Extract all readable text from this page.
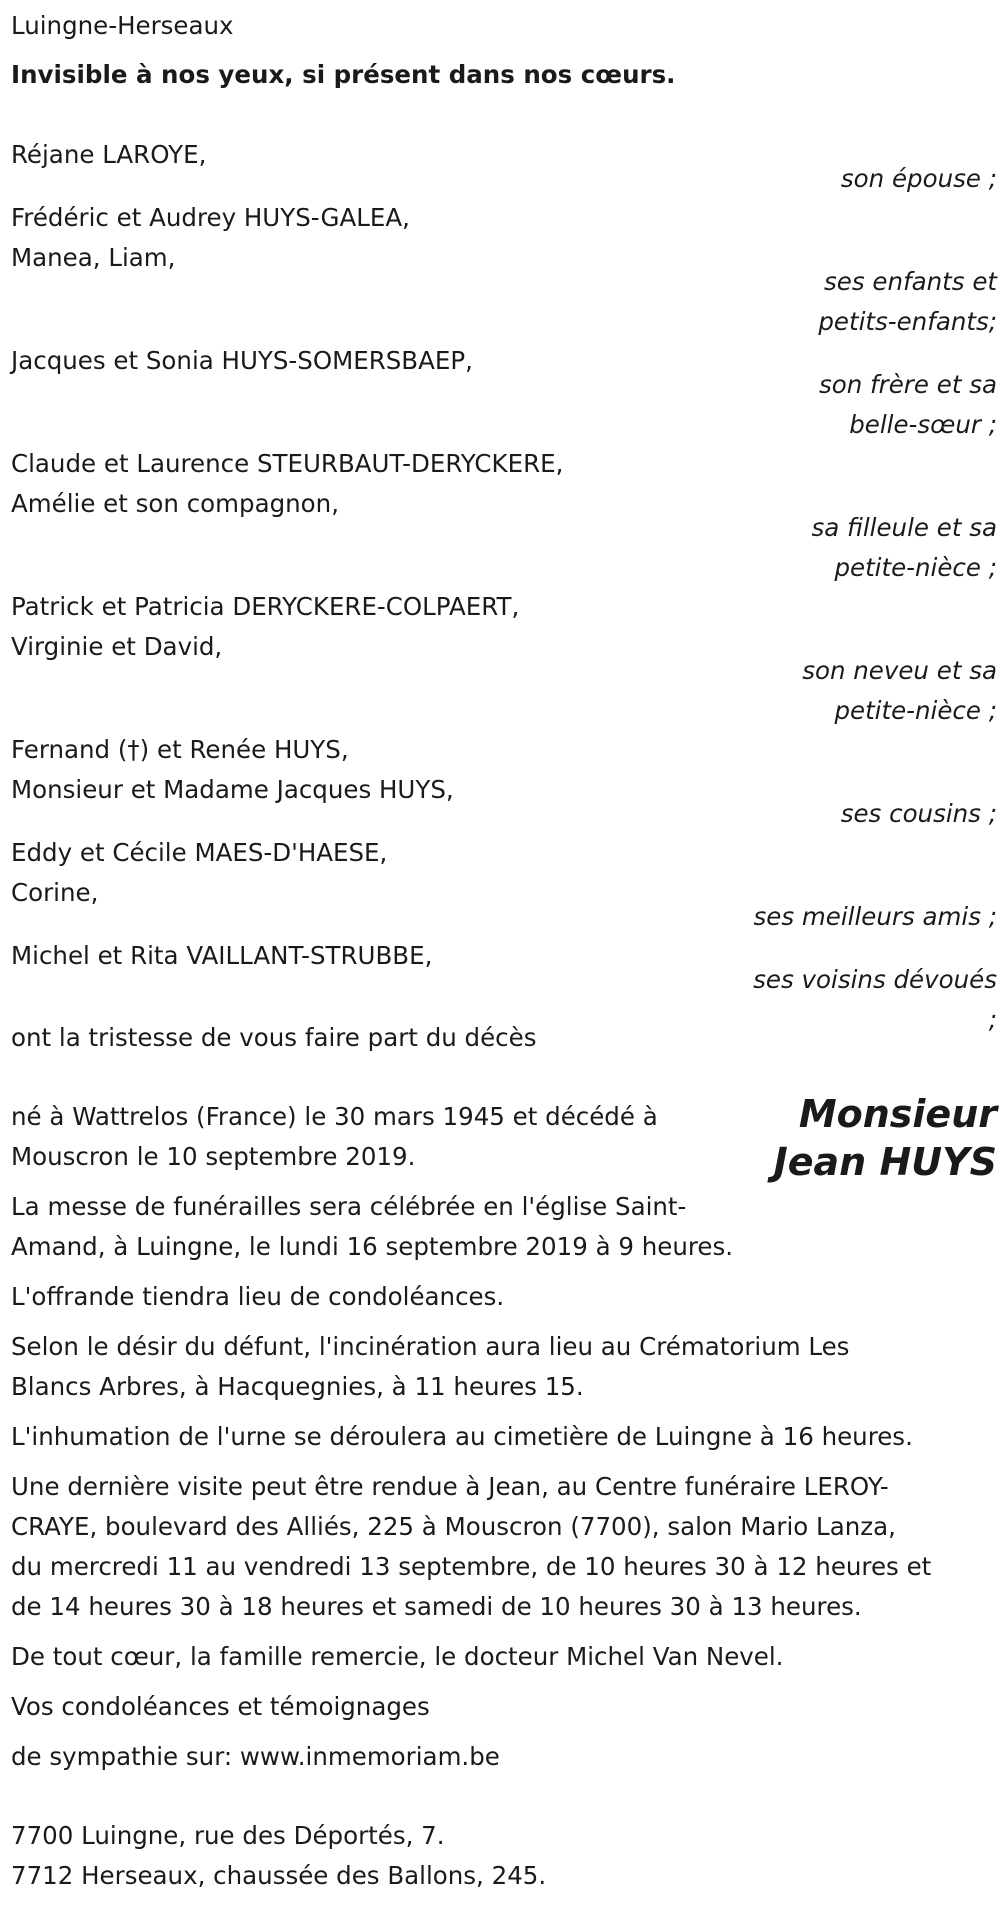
Luingne-Herseaux

Invisible à nos yeux, si présent dans nos cœurs.

Réjane LAROYE,

son épouse ;

Frédéric et Audrey HUYS-GALEA,

Manea, Liam,

ses enfants et

petits-enfants;

Jacques et Sonia HUYS-SOMERSBAEP,

son frère et sa

belle-sœur ;

Claude et Laurence STEURBAUT-DERYCKERE,

Amélie et son compagnon,

sa filleule et sa

petite-nièce ;

Patrick et Patricia DERYCKERE-COLPAERT,

Virginie et David,

son neveu et sa

petite-nièce ;

Fernand (†) et Renée HUYS,

Monsieur et Madame Jacques HUYS,

ses cousins ;

Eddy et Cécile MAES-D'HAESE,

Corine,

ses meilleurs amis ;

Michel et Rita VAILLANT-STRUBBE,

ses voisins dévoués

;

ont la tristesse de vous faire part du décès

Monsieur
Jean HUYS

né à Wattrelos (France) le 30 mars 1945 et décédé à

Mouscron le 10 septembre 2019.

La messe de funérailles sera célébrée en l'église Saint-

Amand, à Luingne, le lundi 16 septembre 2019 à 9 heures.

L'offrande tiendra lieu de condoléances.

Selon le désir du défunt, l'incinération aura lieu au Crématorium Les

Blancs Arbres, à Hacquegnies, à 11 heures 15.

L'inhumation de l'urne se déroulera au cimetière de Luingne à 16 heures.

Une dernière visite peut être rendue à Jean, au Centre funéraire LEROY-

CRAYE, boulevard des Alliés, 225 à Mouscron (7700), salon Mario Lanza,

du mercredi 11 au vendredi 13 septembre, de 10 heures 30 à 12 heures et

de 14 heures 30 à 18 heures et samedi de 10 heures 30 à 13 heures.

De tout cœur, la famille remercie, le docteur Michel Van Nevel.

Vos condoléances et témoignages

de sympathie sur: www.inmemoriam.be

7700 Luingne, rue des Déportés, 7.

7712 Herseaux, chaussée des Ballons, 245.
